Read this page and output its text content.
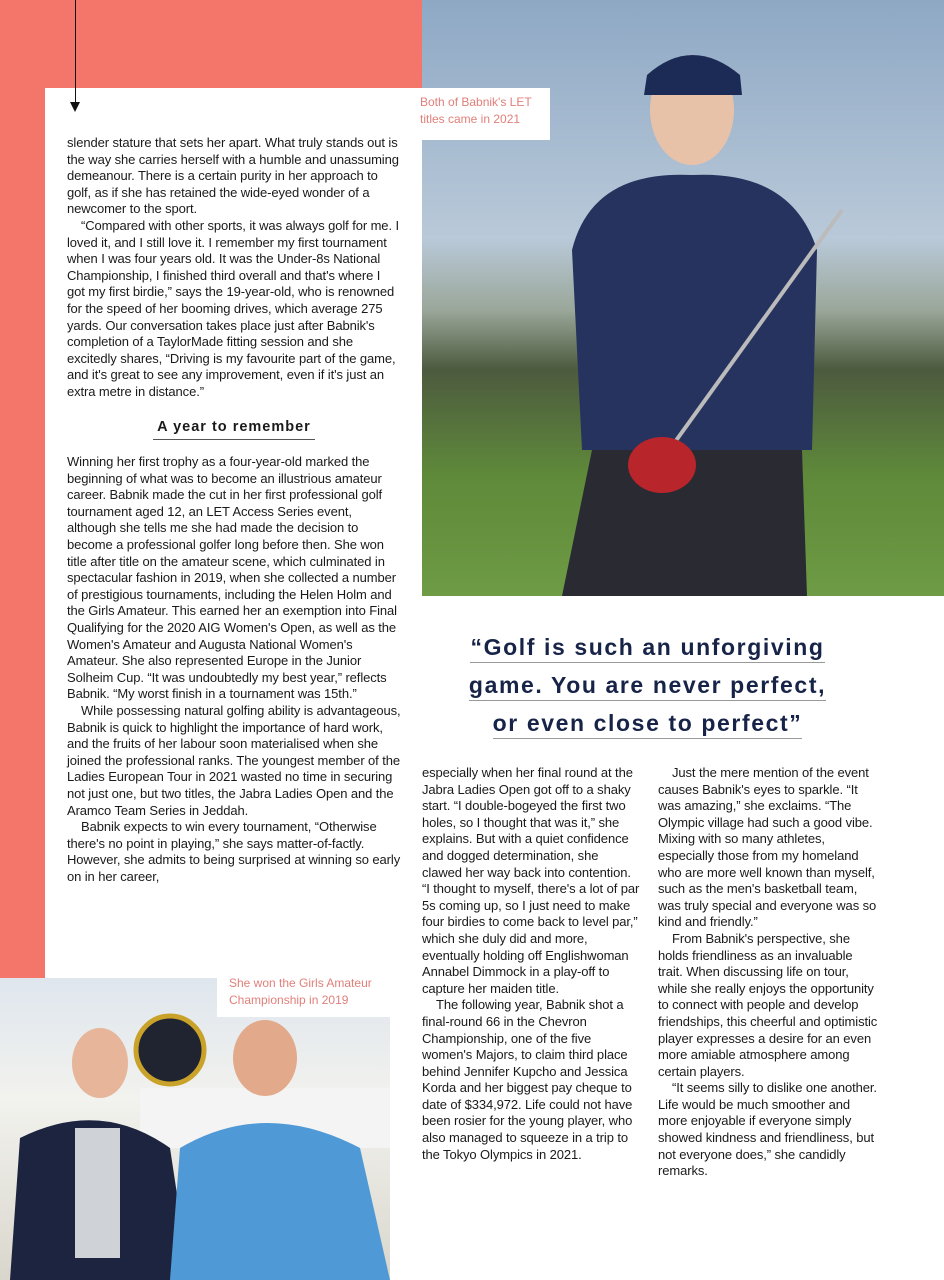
Both of Babnik's LET titles came in 2021
She won the Girls Amateur Championship in 2019

slender stature that sets her apart. What truly stands out is the way she carries herself with a humble and unassuming demeanour. There is a certain purity in her approach to golf, as if she has retained the wide-eyed wonder of a newcomer to the sport.

“Compared with other sports, it was always golf for me. I loved it, and I still love it. I remember my first tournament when I was four years old. It was the Under-8s National Championship, I finished third overall and that's where I got my first birdie,” says the 19-year-old, who is renowned for the speed of her booming drives, which average 275 yards. Our conversation takes place just after Babnik's completion of a TaylorMade fitting session and she excitedly shares, “Driving is my favourite part of the game, and it's great to see any improvement, even if it's just an extra metre in distance.”

A year to remember

Winning her first trophy as a four-year-old marked the beginning of what was to become an illustrious amateur career. Babnik made the cut in her first professional golf tournament aged 12, an LET Access Series event, although she tells me she had made the decision to become a professional golfer long before then. She won title after title on the amateur scene, which culminated in spectacular fashion in 2019, when she collected a number of prestigious tournaments, including the Helen Holm and the Girls Amateur. This earned her an exemption into Final Qualifying for the 2020 AIG Women's Open, as well as the Women's Amateur and Augusta National Women's Amateur. She also represented Europe in the Junior Solheim Cup. “It was undoubtedly my best year,” reflects Babnik. “My worst finish in a tournament was 15th.”

While possessing natural golfing ability is advantageous, Babnik is quick to highlight the importance of hard work, and the fruits of her labour soon materialised when she joined the professional ranks. The youngest member of the Ladies European Tour in 2021 wasted no time in securing not just one, but two titles, the Jabra Ladies Open and the Aramco Team Series in Jeddah.

Babnik expects to win every tournament, “Otherwise there's no point in playing,” she says matter-of-factly. However, she admits to being surprised at winning so early on in her career,

“Golf is such an unforgiving
game. You are never perfect,
or even close to perfect”

especially when her final round at the Jabra Ladies Open got off to a shaky start. “I double-bogeyed the first two holes, so I thought that was it,” she explains. But with a quiet confidence and dogged determination, she clawed her way back into contention. “I thought to myself, there's a lot of par 5s coming up, so I just need to make four birdies to come back to level par,” which she duly did and more, eventually holding off Englishwoman Annabel Dimmock in a play-off to capture her maiden title.

The following year, Babnik shot a final-round 66 in the Chevron Championship, one of the five women's Majors, to claim third place behind Jennifer Kupcho and Jessica Korda and her biggest pay cheque to date of $334,972. Life could not have been rosier for the young player, who also managed to squeeze in a trip to the Tokyo Olympics in 2021.

Just the mere mention of the event causes Babnik's eyes to sparkle. “It was amazing,” she exclaims. “The Olympic village had such a good vibe. Mixing with so many athletes, especially those from my homeland who are more well known than myself, such as the men's basketball team, was truly special and everyone was so kind and friendly.”

From Babnik's perspective, she holds friendliness as an invaluable trait. When discussing life on tour, while she really enjoys the opportunity to connect with people and develop friendships, this cheerful and optimistic player expresses a desire for an even more amiable atmosphere among certain players.

“It seems silly to dislike one another. Life would be much smoother and more enjoyable if everyone simply showed kindness and friendliness, but not everyone does,” she candidly remarks.
